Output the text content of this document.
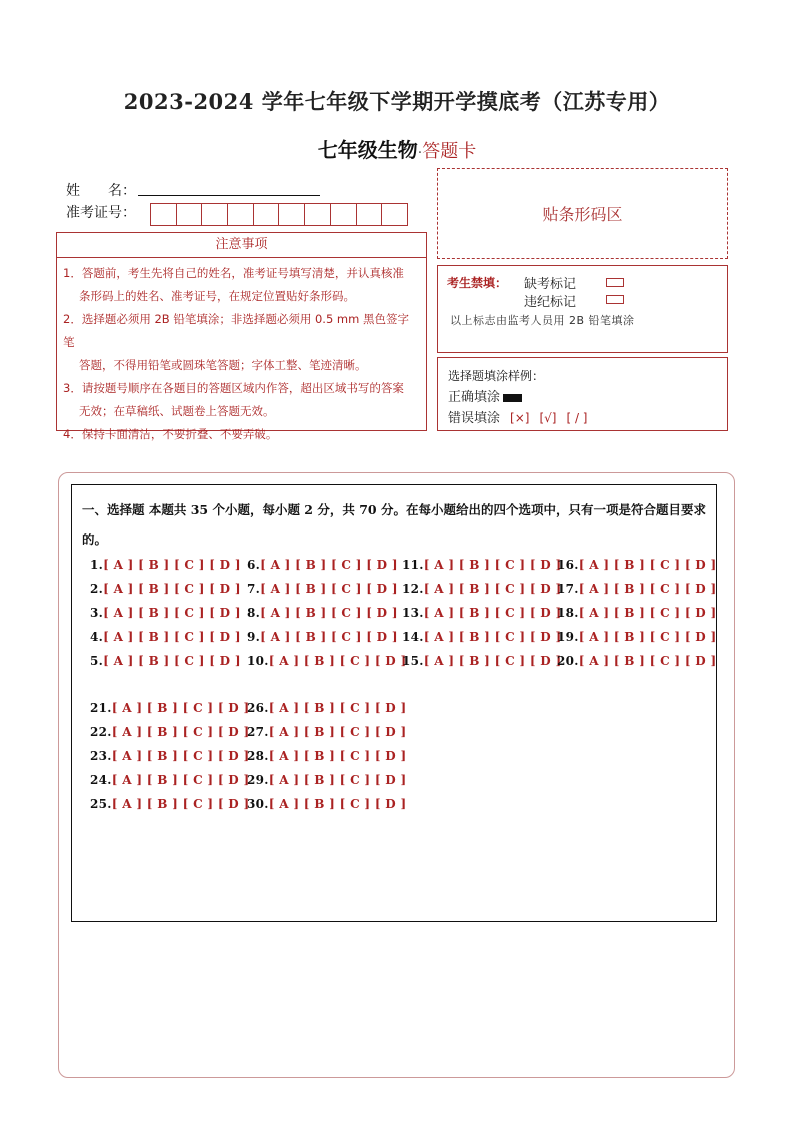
2023-2024 学年七年级下学期开学摸底考（江苏专用）
七年级生物·答题卡
姓　　名：
准考证号：	贴条形码区
注意事项
1．答题前，考生先将自己的姓名，准考证号填写清楚，并认真核准
条形码上的姓名、准考证号，在规定位置贴好条形码。
2．选择题必须用 2B 铅笔填涂；非选择题必须用 0.5 mm 黑色签字笔
答题，不得用铅笔或圆珠笔答题；字体工整、笔迹清晰。
3．请按题号顺序在各题目的答题区域内作答，超出区域书写的答案
无效；在草稿纸、试题卷上答题无效。
4．保持卡面清洁，不要折叠、不要弄破。
考生禁填： 缺考标记
违纪标记
以上标志由监考人员用 2B 铅笔填涂
选择题填涂样例：
正确填涂
错误填涂 [×] [√] [ / ]
一、选择题 本题共 35 个小题，每小题 2 分，共 70 分。在每小题给出的四个选项中，只有一项是符合题目要求的。
1.[ A ] [ B ] [ C ] [ D ]
2.[ A ] [ B ] [ C ] [ D ]
3.[ A ] [ B ] [ C ] [ D ]
4.[ A ] [ B ] [ C ] [ D ]
5.[ A ] [ B ] [ C ] [ D ]
6.[ A ] [ B ] [ C ] [ D ]
7.[ A ] [ B ] [ C ] [ D ]
8.[ A ] [ B ] [ C ] [ D ]
9.[ A ] [ B ] [ C ] [ D ]
10.[ A ] [ B ] [ C ] [ D ]
11.[ A ] [ B ] [ C ] [ D ]
12.[ A ] [ B ] [ C ] [ D ]
13.[ A ] [ B ] [ C ] [ D ]
14.[ A ] [ B ] [ C ] [ D ]
15.[ A ] [ B ] [ C ] [ D ]
16.[ A ] [ B ] [ C ] [ D ]
17.[ A ] [ B ] [ C ] [ D ]
18.[ A ] [ B ] [ C ] [ D ]
19.[ A ] [ B ] [ C ] [ D ]
20.[ A ] [ B ] [ C ] [ D ]
21.[ A ] [ B ] [ C ] [ D ]
22.[ A ] [ B ] [ C ] [ D ]
23.[ A ] [ B ] [ C ] [ D ]
24.[ A ] [ B ] [ C ] [ D ]
25.[ A ] [ B ] [ C ] [ D ]
26.[ A ] [ B ] [ C ] [ D ]
27.[ A ] [ B ] [ C ] [ D ]
28.[ A ] [ B ] [ C ] [ D ]
29.[ A ] [ B ] [ C ] [ D ]
30.[ A ] [ B ] [ C ] [ D ]
